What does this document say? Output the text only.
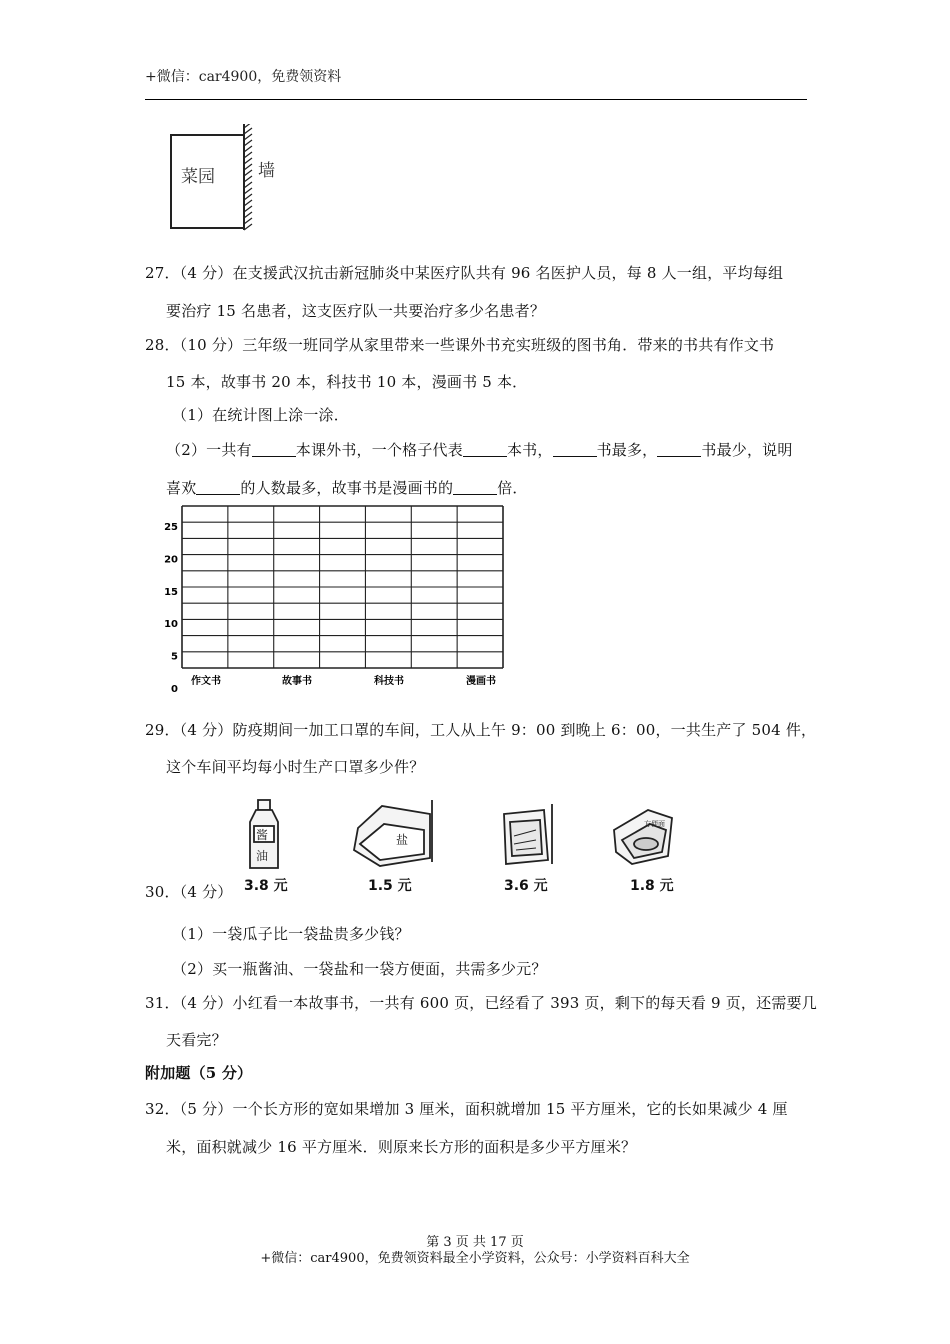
+微信：car4900，免费领资料
菜园	墙
27．（4 分）在支援武汉抗击新冠肺炎中某医疗队共有 96 名医护人员，每 8 人一组，平均每组
要治疗 15 名患者，这支医疗队一共要治疗多少名患者？
28．（10 分）三年级一班同学从家里带来一些课外书充实班级的图书角．带来的书共有作文书
15 本，故事书 20 本，科技书 10 本，漫画书 5 本．
（1）在统计图上涂一涂．
（2）一共有	本课外书，一个格子代表	本书，	书最多，	书最少，说明
喜欢	的人数最多，故事书是漫画书的	倍．
25
20
15
10
5
0
作文书	故事书	科技书	漫画书
29．（4 分）防疫期间一加工口罩的车间，工人从上午 9：00 到晚上 6：00，一共生产了 504 件，
这个车间平均每小时生产口罩多少件？
酱
油
盐
方便面
3.8 元	1.5 元	3.6 元	1.8 元
30．（4 分）
（1）一袋瓜子比一袋盐贵多少钱？
（2）买一瓶酱油、一袋盐和一袋方便面，共需多少元？
31．（4 分）小红看一本故事书，一共有 600 页，已经看了 393 页，剩下的每天看 9 页，还需要几
天看完？
附加题（5 分）
32．（5 分）一个长方形的宽如果增加 3 厘米，面积就增加 15 平方厘米，它的长如果减少 4 厘
米，面积就减少 16 平方厘米．则原来长方形的面积是多少平方厘米？
第 3 页 共 17 页
+微信：car4900，免费领资料最全小学资料，公众号：小学资料百科大全
